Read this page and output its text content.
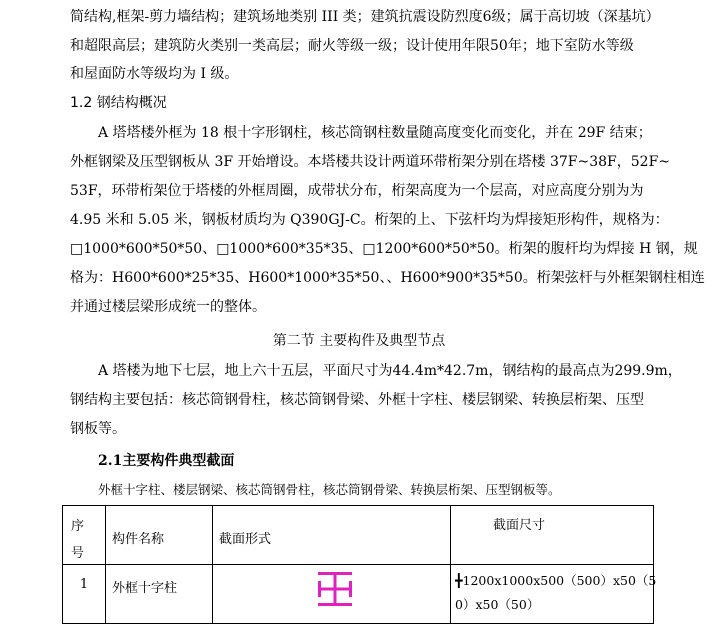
简结构,框架-剪力墙结构；建筑场地类别 III 类；建筑抗震设防烈度6级；属于高切坡（深基坑）
和超限高层；建筑防火类别一类高层；耐火等级一级；设计使用年限50年；地下室防水等级
和屋面防水等级均为 I 级。
1.2 钢结构概况
A 塔塔楼外框为 18 根十字形钢柱，核芯筒钢柱数量随高度变化而变化，并在 29F 结束；
外框钢梁及压型钢板从 3F 开始增设。本塔楼共设计两道环带桁架分别在塔楼 37F~38F，52F~
53F，环带桁架位于塔楼的外框周圈，成带状分布，桁架高度为一个层高，对应高度分别为为
4.95 米和 5.05 米，钢板材质均为 Q390GJ-C。桁架的上、下弦杆均为焊接矩形构件，规格为：
□1000*600*50*50、□1000*600*35*35、□1200*600*50*50。桁架的腹杆均为焊接 H 钢，规
格为：H600*600*25*35、H600*1000*35*50、、H600*900*35*50。桁架弦杆与外框架钢柱相连
并通过楼层梁形成统一的整体。
第二节 主要构件及典型节点
A 塔楼为地下七层，地上六十五层，平面尺寸为44.4m*42.7m，钢结构的最高点为299.9m，
钢结构主要包括：核芯筒钢骨柱，核芯筒钢骨梁、外框十字柱、楼层钢梁、转换层桁架、压型
钢板等。
2.1主要构件典型截面
外框十字柱、楼层钢梁、核芯筒钢骨柱，核芯筒钢骨梁、转换层桁架、压型钢板等。
序
号	构件名称	截面形式	截面尺寸

1	外框十字柱		╋1200x1000x500（500）x50（5
0）x50（50）
